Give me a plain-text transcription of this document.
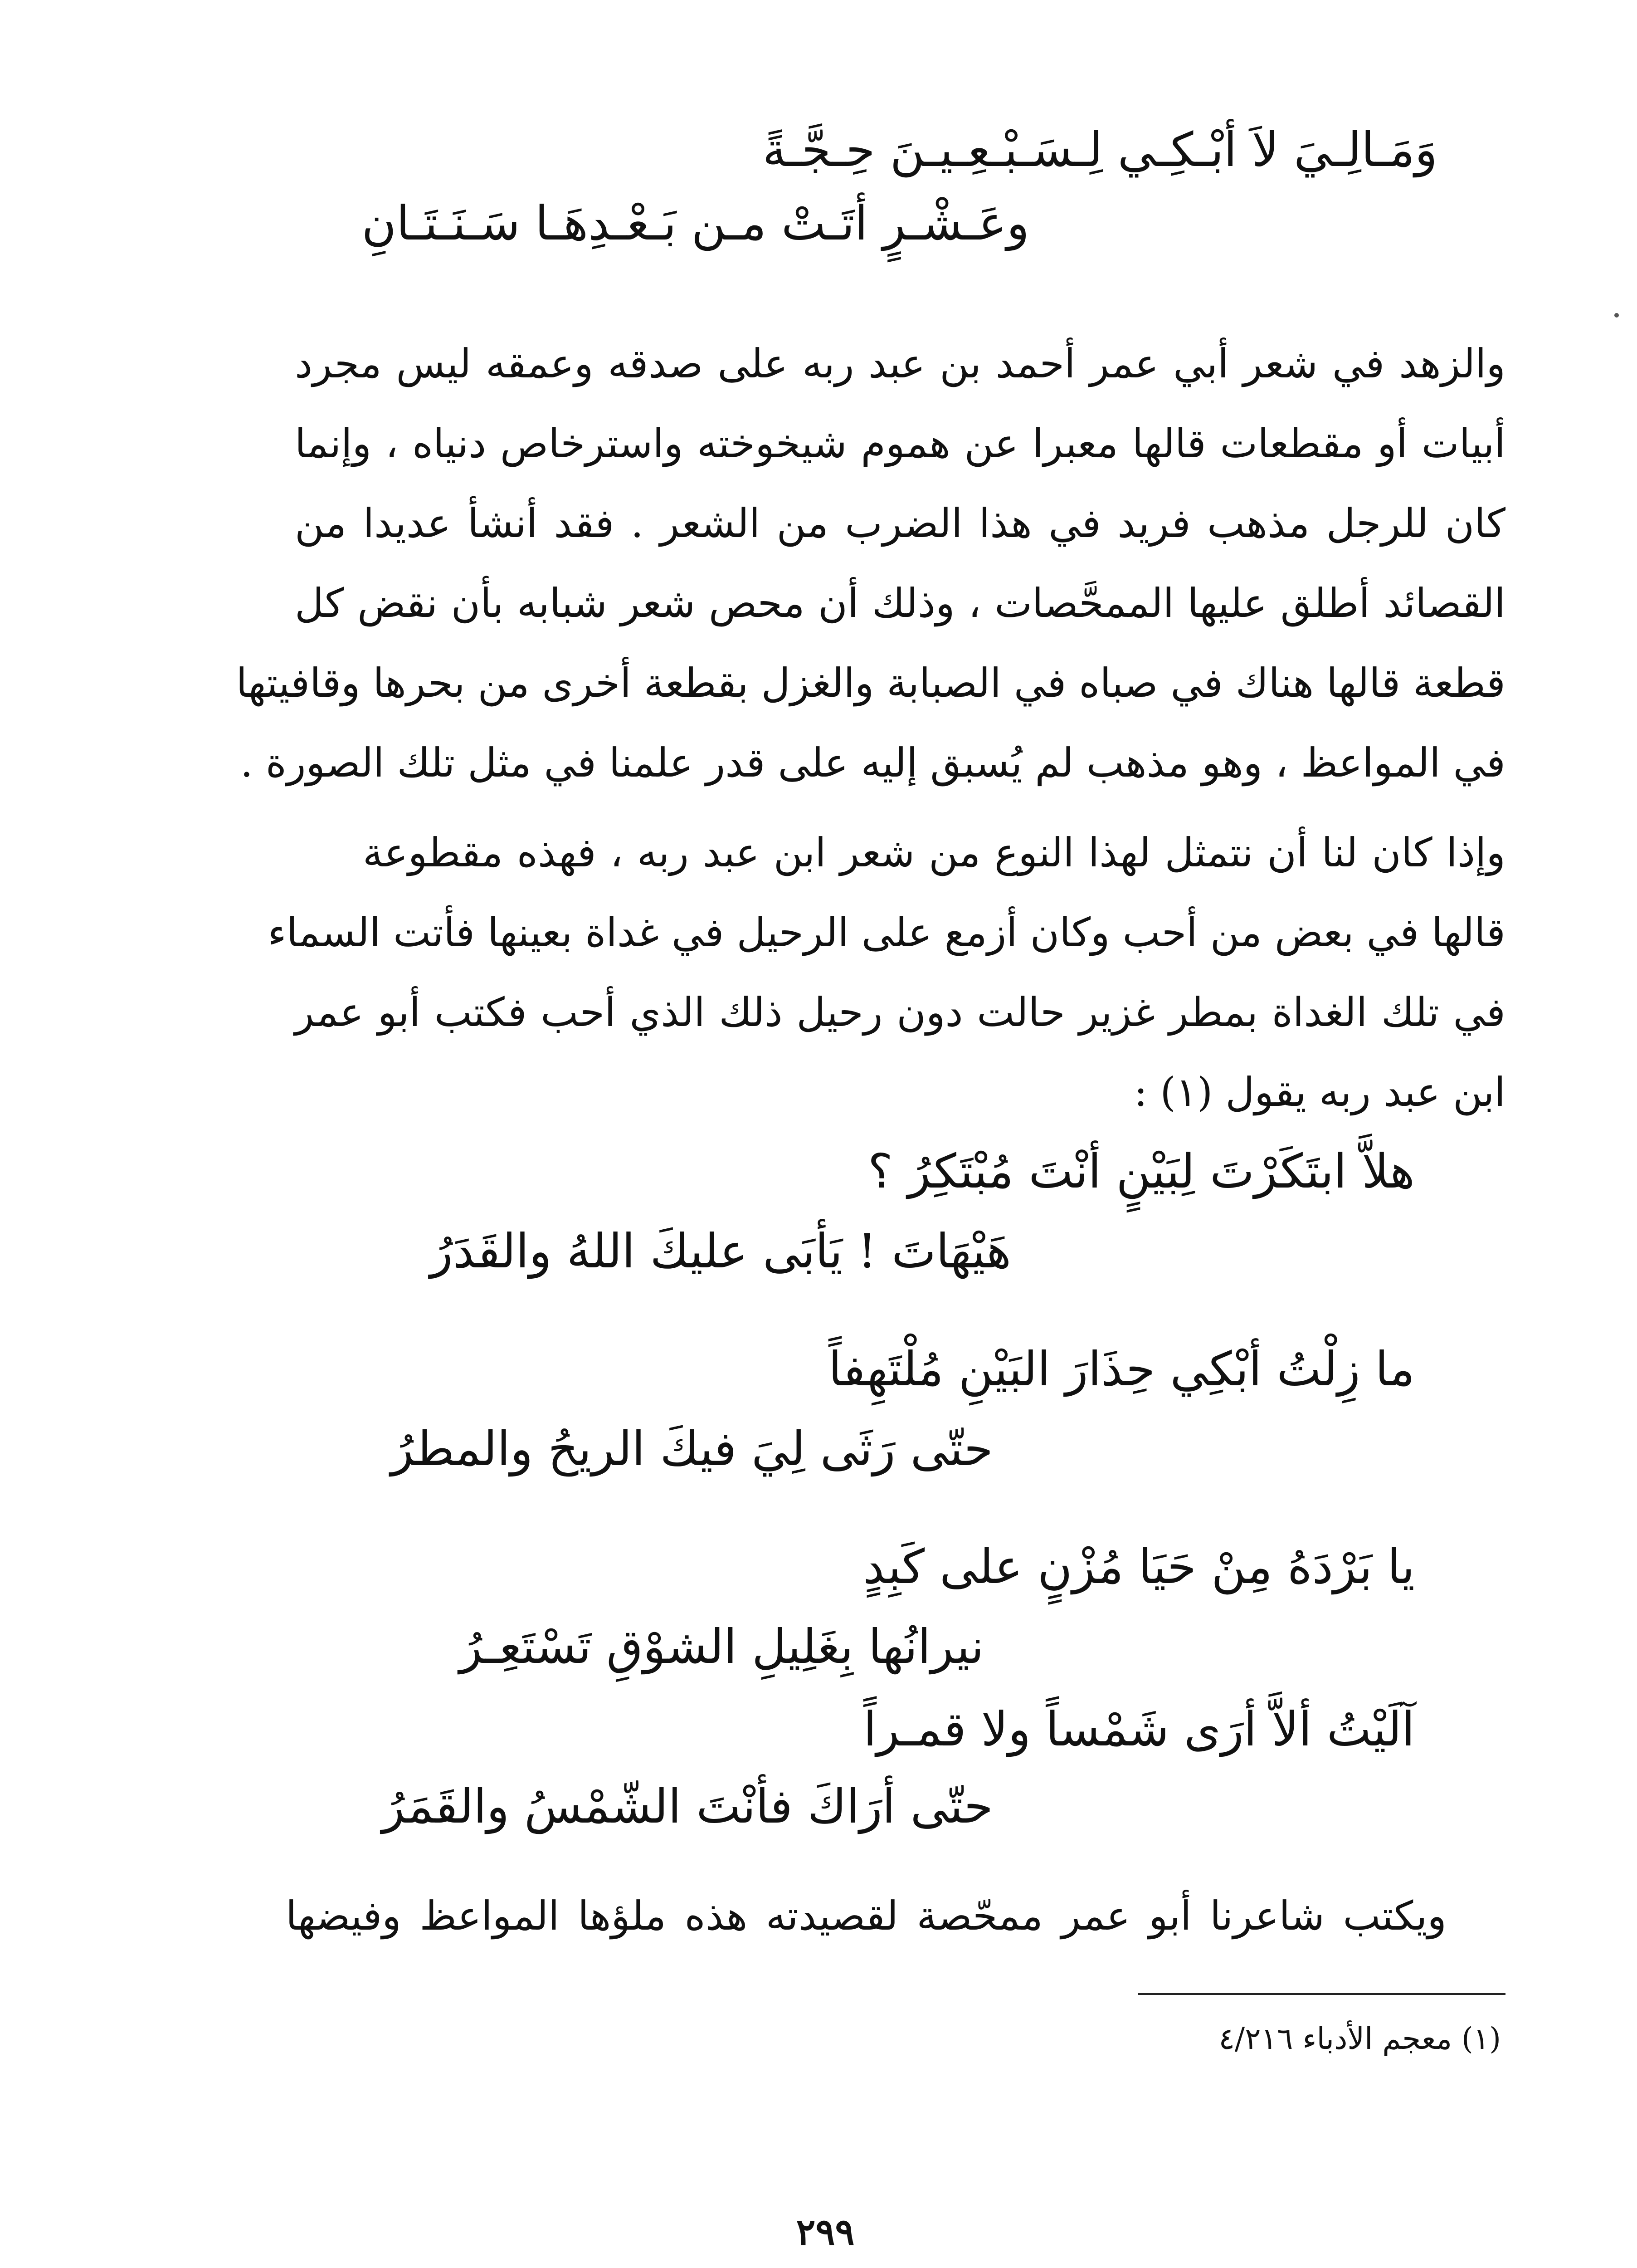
وَمَـالِـيَ لاَ أبْـكِـي لِـسَـبْـعِـيـنَ حِـجَّـةً
وعَـشْـرٍ أتَـتْ مـن بَـعْـدِهَـا سَـنَـتَـانِ
والزهد في شعر أبي عمر أحمد بن عبد ربه على صدقه وعمقه ليس مجرد
أبيات أو مقطعات قالها معبرا عن هموم شيخوخته واسترخاص دنياه ، وإنما
كان للرجل مذهب فريد في هذا الضرب من الشعر . فقد أنشأ عديدا من
القصائد أطلق عليها الممحَّصات ، وذلك أن محص شعر شبابه بأن نقض كل
قطعة قالها هناك في صباه في الصبابة والغزل بقطعة أخرى من بحرها وقافيتها
في المواعظ ، وهو مذهب لم يُسبق إليه على قدر علمنا في مثل تلك الصورة .
وإذا كان لنا أن نتمثل لهذا النوع من شعر ابن عبد ربه ، فهذه مقطوعة
قالها في بعض من أحب وكان أزمع على الرحيل في غداة بعينها فأتت السماء
في تلك الغداة بمطر غزير حالت دون رحيل ذلك الذي أحب فكتب أبو عمر
ابن عبد ربه يقول (١) :
هلاَّ ابتَكَرْتَ لِبَيْنٍ أنْتَ مُبْتَكِرُ ؟
هَيْهَاتَ ! يَأبَى عليكَ اللهُ والقَدَرُ
ما زِلْتُ أبْكِي حِذَارَ البَيْنِ مُلْتَهِفاً
حتّى رَثَى لِيَ فيكَ الريحُ والمطرُ
يا بَرْدَهُ مِنْ حَيَا مُزْنٍ على كَبِدٍ
نيرانُها بِغَلِيلِ الشوْقِ تَسْتَعِـرُ
آلَيْتُ ألاَّ أرَى شَمْساً ولا قمـراً
حتّى أرَاكَ فأنْتَ الشّمْسُ والقَمَرُ
ويكتب شاعرنا أبو عمر ممحّصة لقصيدته هذه ملؤها المواعظ وفيضها
(١) معجم الأدباء ٤/٢١٦
٢٩٩
